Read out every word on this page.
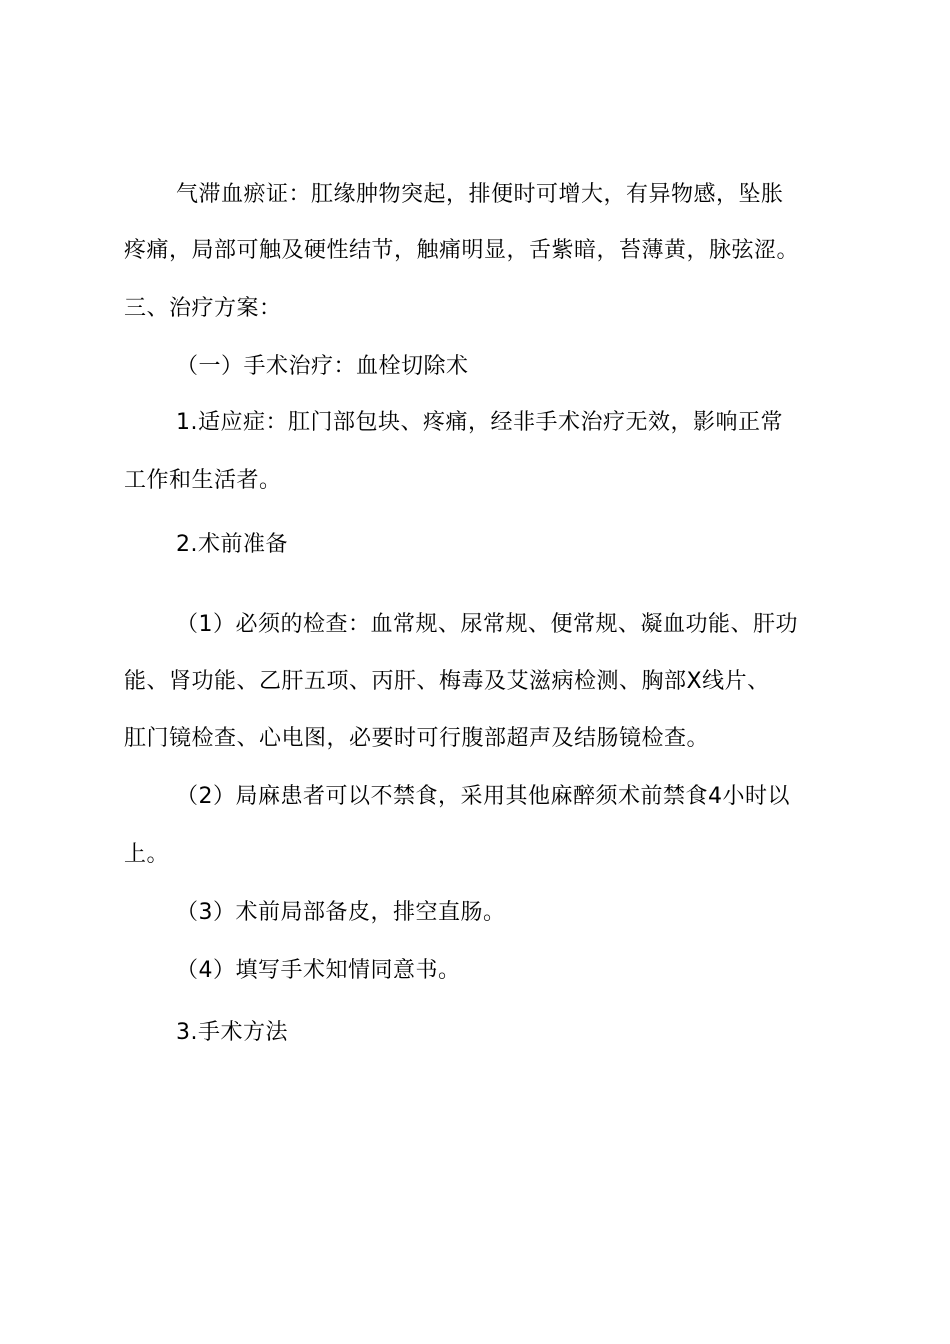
气滞血瘀证：肛缘肿物突起，排便时可增大，有异物感，坠胀
疼痛，局部可触及硬性结节，触痛明显，舌紫暗，苔薄黄，脉弦涩。
三、治疗方案：
（一）手术治疗：血栓切除术
1.适应症：肛门部包块、疼痛，经非手术治疗无效，影响正常
工作和生活者。
2.术前准备
（1）必须的检查：血常规、尿常规、便常规、凝血功能、肝功
能、肾功能、乙肝五项、丙肝、梅毒及艾滋病检测、胸部X线片、
肛门镜检查、心电图，必要时可行腹部超声及结肠镜检查。
（2）局麻患者可以不禁食，采用其他麻醉须术前禁食4小时以
上。
（3）术前局部备皮，排空直肠。
（4）填写手术知情同意书。
3.手术方法
